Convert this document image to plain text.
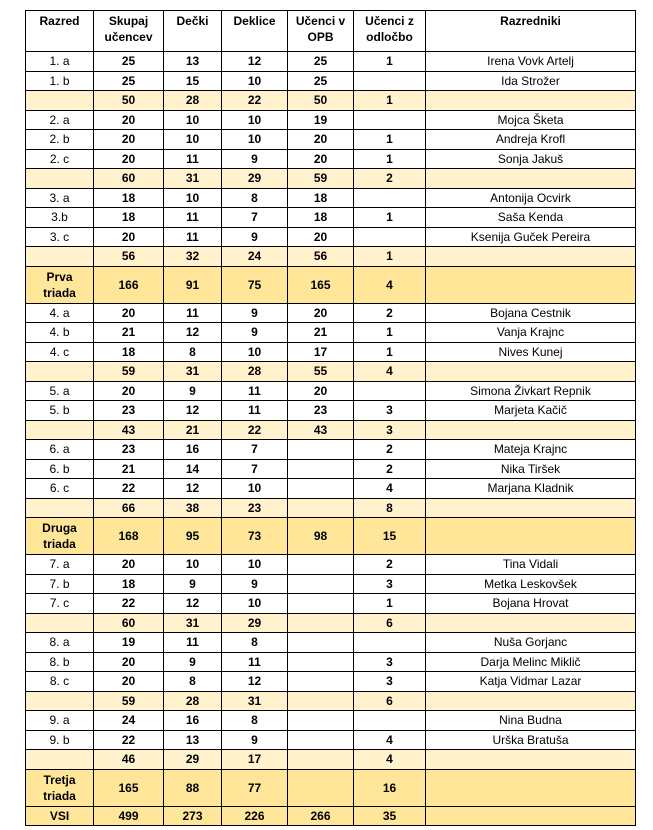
Razred	Skupaj učencev	Dečki	Deklice	Učenci v OPB	Učenci z odločbo	Razredniki
1. a	25	13	12	25	1	Irena Vovk Artelj
1. b	25	15	10	25		Ida Strožer
	50	28	22	50	1	
2. a	20	10	10	19		Mojca Šketa
2. b	20	10	10	20	1	Andreja Krofl
2. c	20	11	9	20	1	Sonja Jakuš
	60	31	29	59	2	
3. a	18	10	8	18		Antonija Ocvirk
3.b	18	11	7	18	1	Saša Kenda
3. c	20	11	9	20		Ksenija Guček Pereira
	56	32	24	56	1	
Prva triada	166	91	75	165	4	
4. a	20	11	9	20	2	Bojana Cestnik
4. b	21	12	9	21	1	Vanja Krajnc
4. c	18	8	10	17	1	Nives Kunej
	59	31	28	55	4	
5. a	20	9	11	20		Simona Živkart Repnik
5. b	23	12	11	23	3	Marjeta Kačič
	43	21	22	43	3	
6. a	23	16	7		2	Mateja Krajnc
6. b	21	14	7		2	Nika Tiršek
6. c	22	12	10		4	Marjana Kladnik
	66	38	23		8	
Druga triada	168	95	73	98	15	
7. a	20	10	10		2	Tina Vidali
7. b	18	9	9		3	Metka Leskovšek
7. c	22	12	10		1	Bojana Hrovat
	60	31	29		6	
8. a	19	11	8			Nuša Gorjanc
8. b	20	9	11		3	Darja Melinc Miklič
8. c	20	8	12		3	Katja Vidmar Lazar
	59	28	31		6	
9. a	24	16	8			Nina Budna
9. b	22	13	9		4	Urška Bratuša
	46	29	17		4	
Tretja triada	165	88	77		16	
VSI	499	273	226	266	35	
